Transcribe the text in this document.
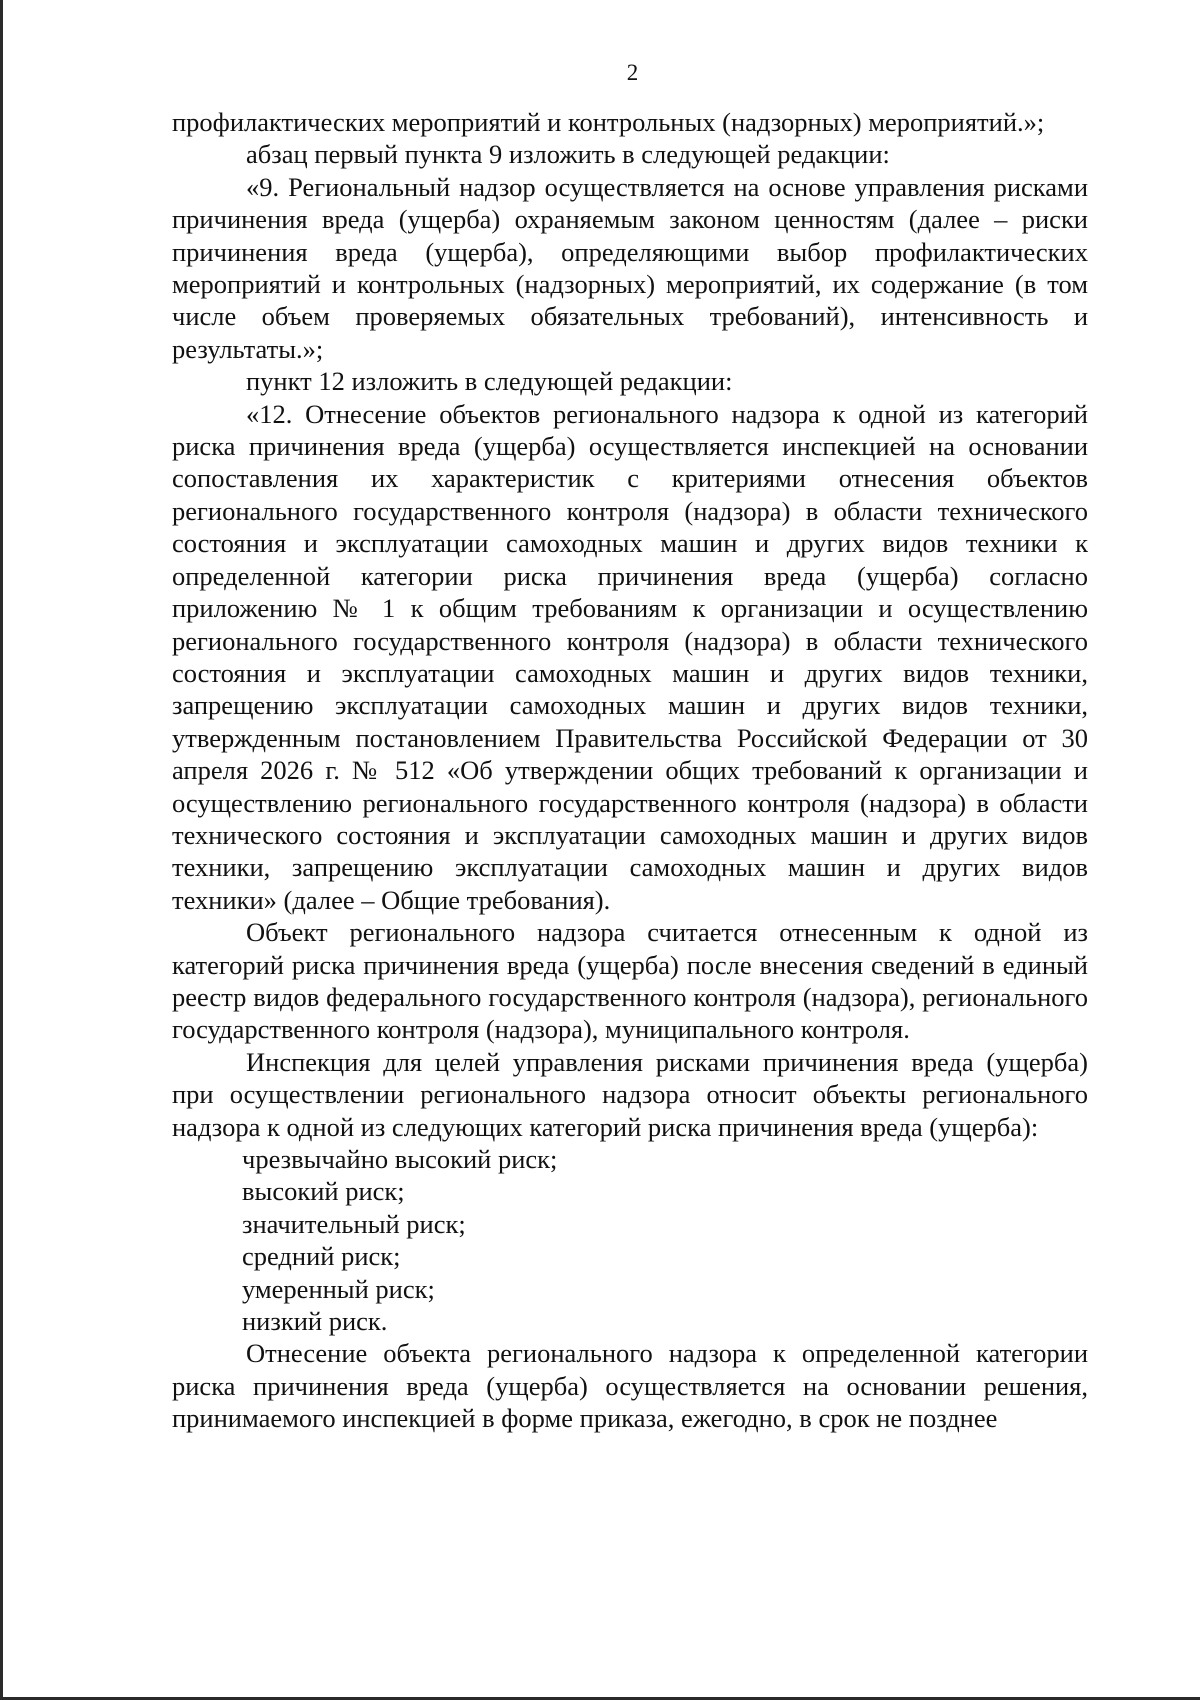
2

профилактических мероприятий и контрольных (надзорных) мероприятий.»;

абзац первый пункта 9 изложить в следующей редакции:

«9. Региональный надзор осуществляется на основе управления рисками причинения вреда (ущерба) охраняемым законом ценностям (далее – риски причинения вреда (ущерба), определяющими выбор профилактических мероприятий и контрольных (надзорных) мероприятий, их содержание (в том числе объем проверяемых обязательных требований), интенсивность и результаты.»;

пункт 12 изложить в следующей редакции:

«12. Отнесение объектов регионального надзора к одной из категорий риска причинения вреда (ущерба) осуществляется инспекцией на основании сопоставления их характеристик с критериями отнесения объектов регионального государственного контроля (надзора) в области технического состояния и эксплуатации самоходных машин и других видов техники к определенной категории риска причинения вреда (ущерба) согласно приложению № 1 к общим требованиям к организации и осуществлению регионального государственного контроля (надзора) в области технического состояния и эксплуатации самоходных машин и других видов техники, запрещению эксплуатации самоходных машин и других видов техники, утвержденным постановлением Правительства Российской Федерации от 30 апреля 2026 г. № 512 «Об утверждении общих требований к организации и осуществлению регионального государственного контроля (надзора) в области технического состояния и эксплуатации самоходных машин и других видов техники, запрещению эксплуатации самоходных машин и других видов техники» (далее – Общие требования).

Объект регионального надзора считается отнесенным к одной из категорий риска причинения вреда (ущерба) после внесения сведений в единый реестр видов федерального государственного контроля (надзора), регионального государственного контроля (надзора), муниципального контроля.

Инспекция для целей управления рисками причинения вреда (ущерба) при осуществлении регионального надзора относит объекты регионального надзора к одной из следующих категорий риска причинения вреда (ущерба):

чрезвычайно высокий риск;

высокий риск;

значительный риск;

средний риск;

умеренный риск;

низкий риск.

Отнесение объекта регионального надзора к определенной категории риска причинения вреда (ущерба) осуществляется на основании решения, принимаемого инспекцией в форме приказа, ежегодно, в срок не позднее
